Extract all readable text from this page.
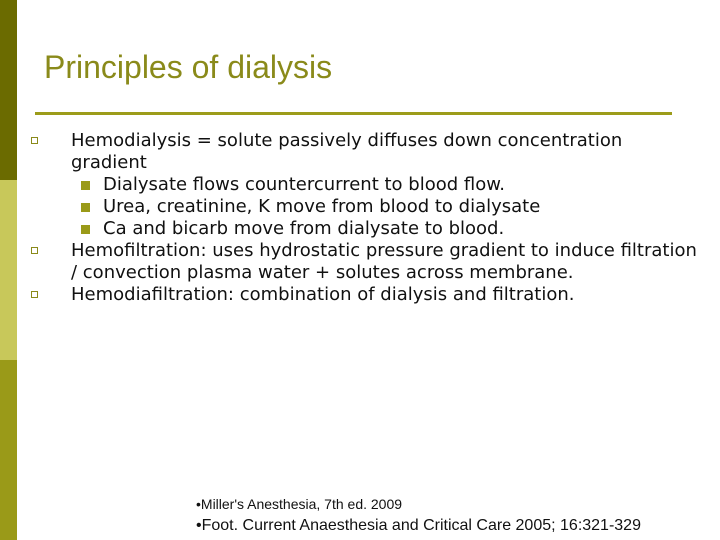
Principles of dialysis
Hemodialysis = solute passively diffuses down concentration gradient
Dialysate flows countercurrent to blood flow.
Urea, creatinine, K move from blood to dialysate
Ca and bicarb move from dialysate to blood.
Hemofiltration: uses hydrostatic pressure gradient to induce filtration / convection plasma water + solutes across membrane.
Hemodiafiltration: combination of dialysis and filtration.
•Miller's Anesthesia, 7th ed. 2009
•Foot. Current Anaesthesia and Critical Care 2005; 16:321-329
